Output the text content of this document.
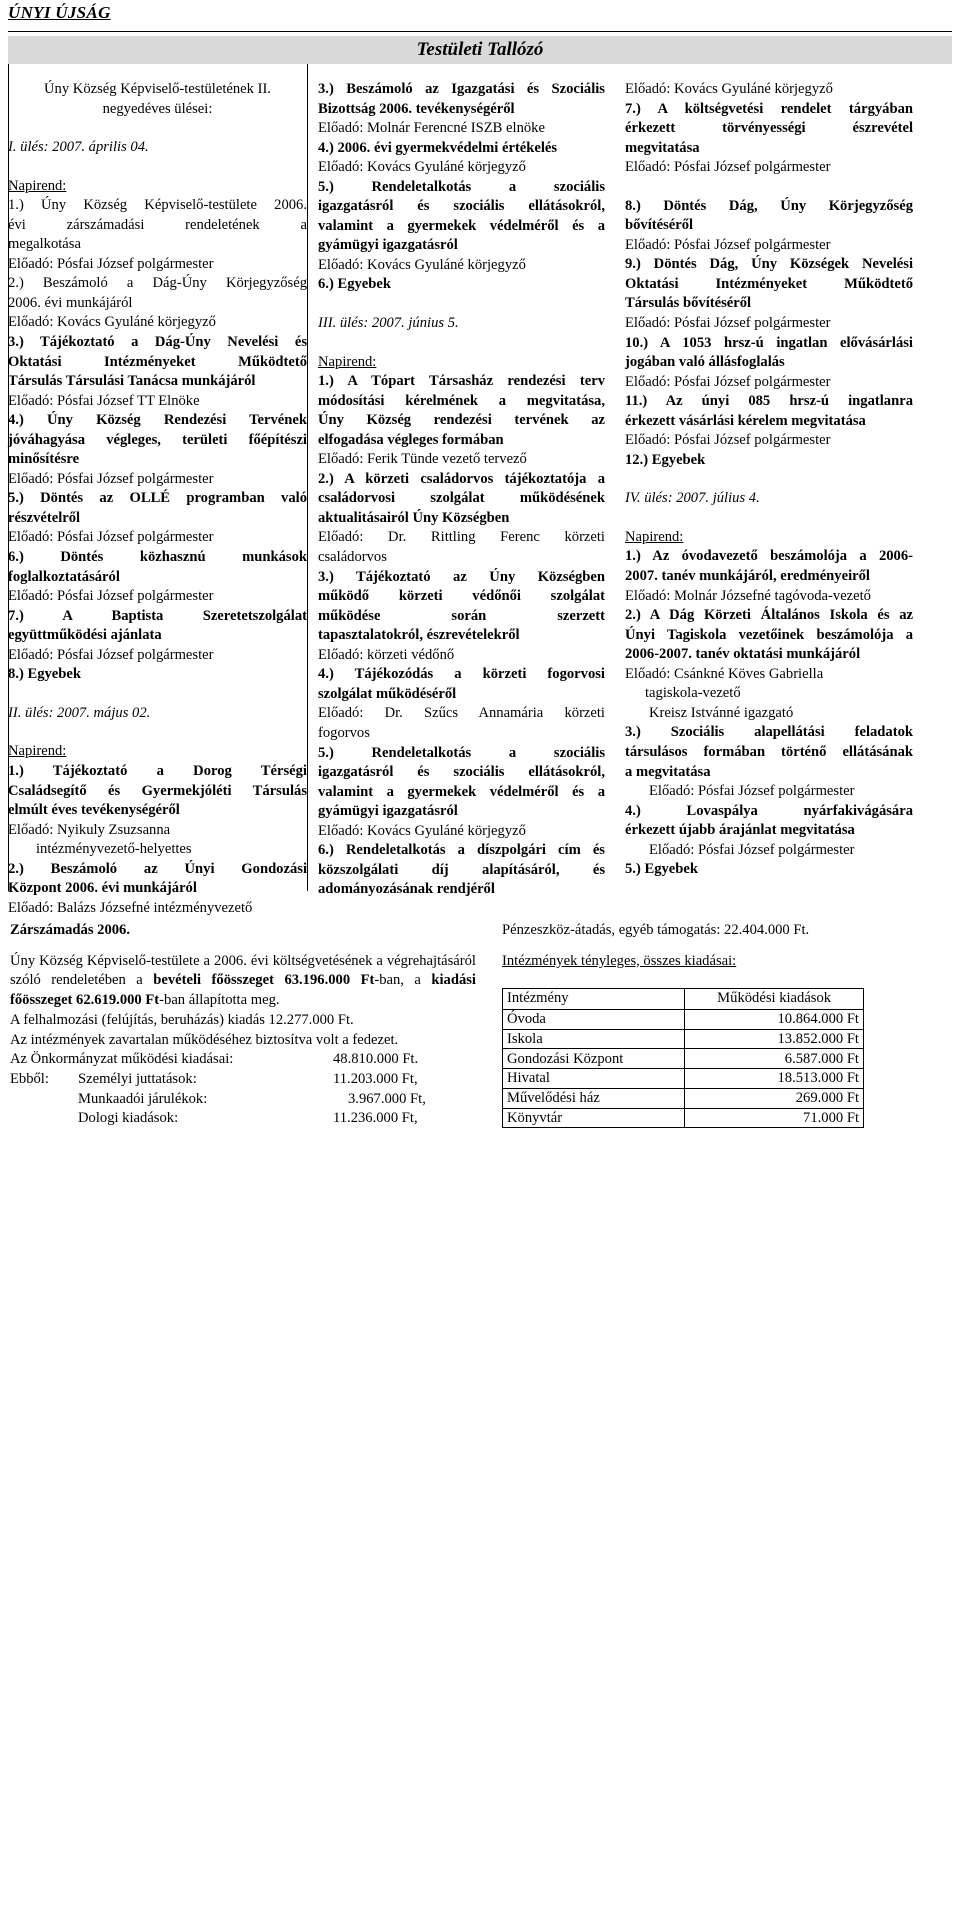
ÚNYI ÚJSÁG
Testületi Tallózó
Úny Község Képviselő-testületének II.
negyedéves ülései:
I. ülés: 2007. április 04.
Napirend:
1.) Úny Község Képviselő-testülete 2006.
évi zárszámadási rendeletének a
megalkotása
Előadó: Pósfai József polgármester
2.) Beszámoló a Dág-Úny Körjegyzőség
2006. évi munkájáról
Előadó: Kovács Gyuláné körjegyző
3.) Tájékoztató a Dág-Úny Nevelési és
Oktatási Intézményeket Működtető
Társulás Társulási Tanácsa munkájáról
Előadó: Pósfai József TT Elnöke
4.) Úny Község Rendezési Tervének
jóváhagyása végleges, területi főépítészi
minősítésre
Előadó: Pósfai József polgármester
5.) Döntés az OLLÉ programban való
részvételről
Előadó: Pósfai József polgármester
6.) Döntés közhasznú munkások
foglalkoztatásáról
Előadó: Pósfai József polgármester
7.) A Baptista Szeretetszolgálat
együttműködési ajánlata
Előadó: Pósfai József polgármester
8.) Egyebek
II. ülés: 2007. május 02.
Napirend:
1.) Tájékoztató a Dorog Térségi
Családsegítő és Gyermekjóléti Társulás
elmúlt éves tevékenységéről
Előadó: Nyikuly Zsuzsanna
intézményvezető-helyettes
2.) Beszámoló az Únyi Gondozási
Központ 2006. évi munkájáról
Előadó: Balázs Józsefné intézményvezető
3.) Beszámoló az Igazgatási és Szociális
Bizottság 2006. tevékenységéről
Előadó: Molnár Ferencné ISZB elnöke
4.) 2006. évi gyermekvédelmi értékelés
Előadó: Kovács Gyuláné körjegyző
5.) Rendeletalkotás a szociális
igazgatásról és szociális ellátásokról,
valamint a gyermekek védelméről és a
gyámügyi igazgatásról
Előadó: Kovács Gyuláné körjegyző
6.) Egyebek
III. ülés: 2007. június 5.
Napirend:
1.) A Tópart Társasház rendezési terv
módosítási kérelmének a megvitatása,
Úny Község rendezési tervének az
elfogadása végleges formában
Előadó: Ferik Tünde vezető tervező
2.) A körzeti családorvos tájékoztatója a
családorvosi szolgálat működésének
aktualitásairól Úny Községben
Előadó: Dr. Rittling Ferenc körzeti
családorvos
3.) Tájékoztató az Úny Községben
működő körzeti védőnői szolgálat
működése során szerzett
tapasztalatokról, észrevételekről
Előadó: körzeti védőnő
4.) Tájékozódás a körzeti fogorvosi
szolgálat működéséről
Előadó: Dr. Szűcs Annamária körzeti
fogorvos
5.) Rendeletalkotás a szociális
igazgatásról és szociális ellátásokról,
valamint a gyermekek védelméről és a
gyámügyi igazgatásról
Előadó: Kovács Gyuláné körjegyző
6.) Rendeletalkotás a díszpolgári cím és
közszolgálati díj alapításáról, és
adományozásának rendjéről
Előadó: Kovács Gyuláné körjegyző
7.) A költségvetési rendelet tárgyában
érkezett törvényességi észrevétel
megvitatása
Előadó: Pósfai József polgármester
8.) Döntés Dág, Úny Körjegyzőség
bővítéséről
Előadó: Pósfai József polgármester
9.) Döntés Dág, Úny Községek Nevelési
Oktatási Intézményeket Működtető
Társulás bővítéséről
Előadó: Pósfai József polgármester
10.) A 1053 hrsz-ú ingatlan elővásárlási
jogában való állásfoglalás
Előadó: Pósfai József polgármester
11.) Az únyi 085 hrsz-ú ingatlanra
érkezett vásárlási kérelem megvitatása
Előadó: Pósfai József polgármester
12.) Egyebek
IV. ülés: 2007. július 4.
Napirend:
1.) Az óvodavezető beszámolója a 2006-
2007. tanév munkájáról, eredményeiről
Előadó: Molnár Józsefné tagóvoda-vezető
2.) A Dág Körzeti Általános Iskola és az
Únyi Tagiskola vezetőinek beszámolója a
2006-2007. tanév oktatási munkájáról
Előadó: Csánkné Köves Gabriella
tagiskola-vezető
Kreisz Istvánné igazgató
3.) Szociális alapellátási feladatok
társulásos formában történő ellátásának
a megvitatása
Előadó: Pósfai József polgármester
4.) Lovaspálya nyárfakivágására
érkezett újabb árajánlat megvitatása
Előadó: Pósfai József polgármester
5.) Egyebek
Zárszámadás 2006.

Úny Község Képviselő-testülete a 2006. évi költségvetésének a végrehajtásáról szóló rendeletében a bevételi főösszeget 63.196.000 Ft-ban, a kiadási főösszeget 62.619.000 Ft-ban állapította meg.

A felhalmozási (felújítás, beruházás) kiadás 12.277.000 Ft.

Az intézmények zavartalan működéséhez biztosítva volt a fedezet.

Az Önkormányzat működési kiadásai:	48.810.000 Ft.
Ebből: Személyi juttatások:	11.203.000 Ft,
Munkaadói járulékok:	3.967.000 Ft,
Dologi kiadások:	11.236.000 Ft,

Pénzeszköz-átadás, egyéb támogatás: 22.404.000 Ft.

Intézmények tényleges, összes kiadásai:

Intézmény	Működési kiadások
Óvoda	10.864.000 Ft
Iskola	13.852.000 Ft
Gondozási Központ	6.587.000 Ft
Hivatal	18.513.000 Ft
Művelődési ház	269.000 Ft
Könyvtár	71.000 Ft
